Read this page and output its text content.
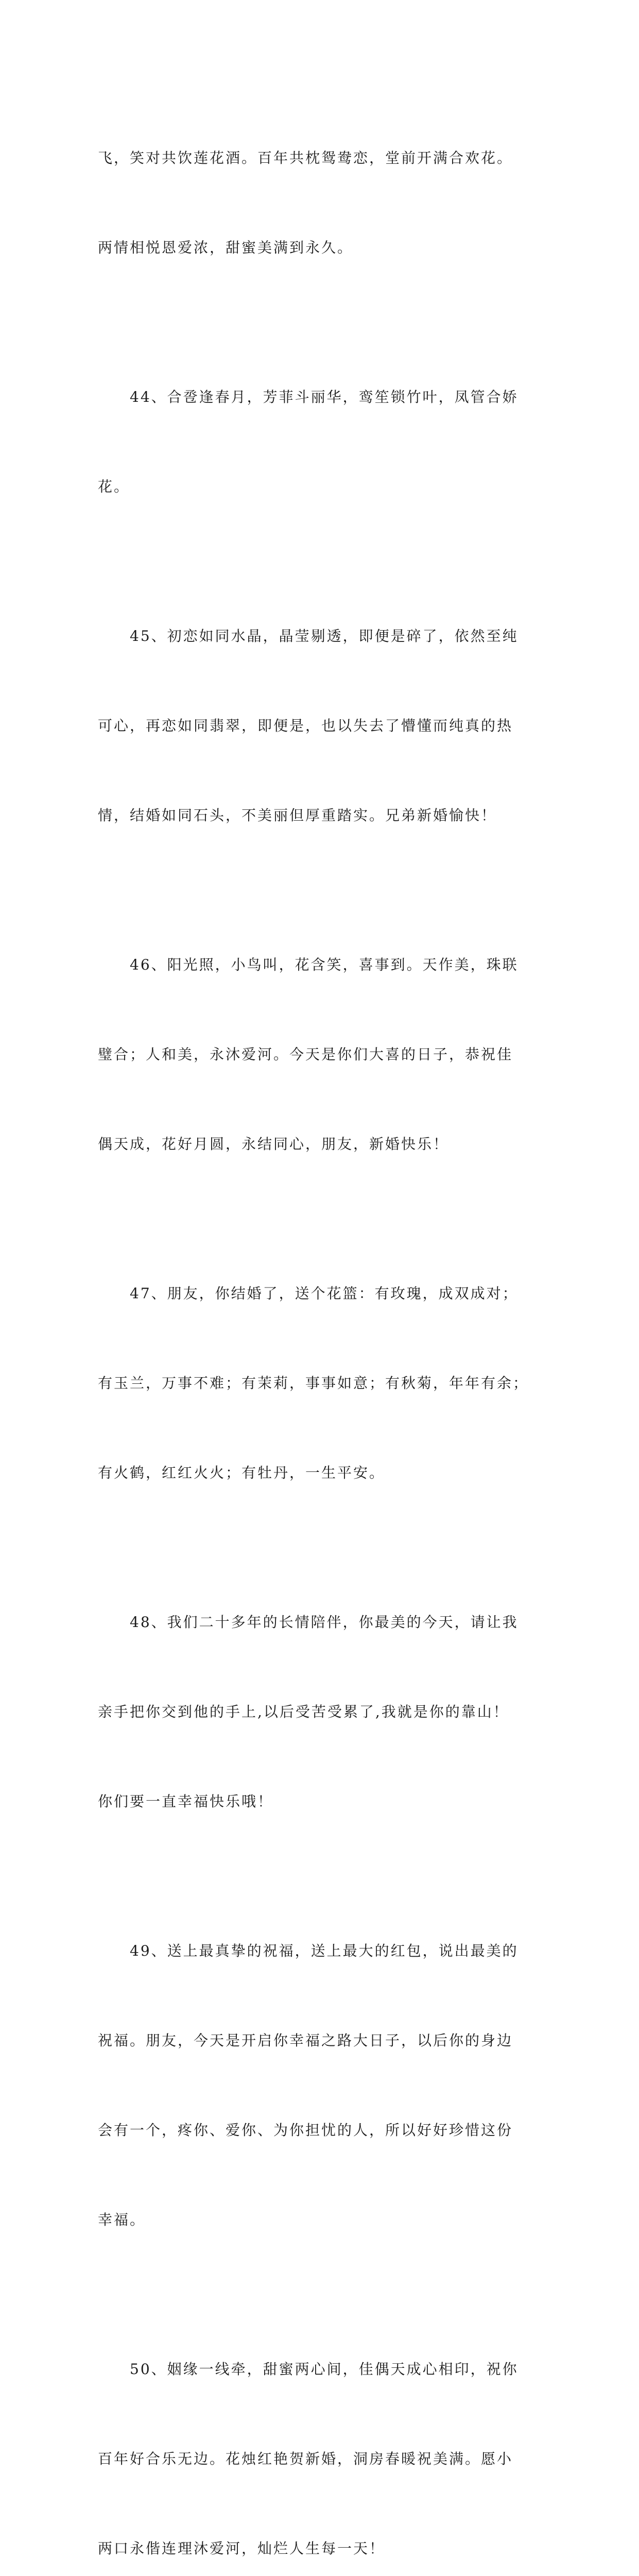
飞，笑对共饮莲花酒。百年共枕鸳鸯恋，堂前开满合欢花。

两情相悦恩爱浓，甜蜜美满到永久。

44、合卺逢春月，芳菲斗丽华，鸾笙锁竹叶，凤管合娇

花。

45、初恋如同水晶，晶莹剔透，即便是碎了，依然至纯

可心，再恋如同翡翠，即便是，也以失去了懵懂而纯真的热

情，结婚如同石头，不美丽但厚重踏实。兄弟新婚愉快！

46、阳光照，小鸟叫，花含笑，喜事到。天作美，珠联

璧合；人和美，永沐爱河。今天是你们大喜的日子，恭祝佳

偶天成，花好月圆，永结同心，朋友，新婚快乐！

47、朋友，你结婚了，送个花篮：有玫瑰，成双成对；

有玉兰，万事不难；有茉莉，事事如意；有秋菊，年年有余；

有火鹤，红红火火；有牡丹，一生平安。

48、我们二十多年的长情陪伴，你最美的今天，请让我

亲手把你交到他的手上,以后受苦受累了,我就是你的靠山！

你们要一直幸福快乐哦！

49、送上最真挚的祝福，送上最大的红包，说出最美的

祝福。朋友，今天是开启你幸福之路大日子，以后你的身边

会有一个，疼你、爱你、为你担忧的人，所以好好珍惜这份

幸福。

50、姻缘一线牵，甜蜜两心间，佳偶天成心相印，祝你

百年好合乐无边。花烛红艳贺新婚，洞房春暖祝美满。愿小

两口永偕连理沐爱河，灿烂人生每一天！
